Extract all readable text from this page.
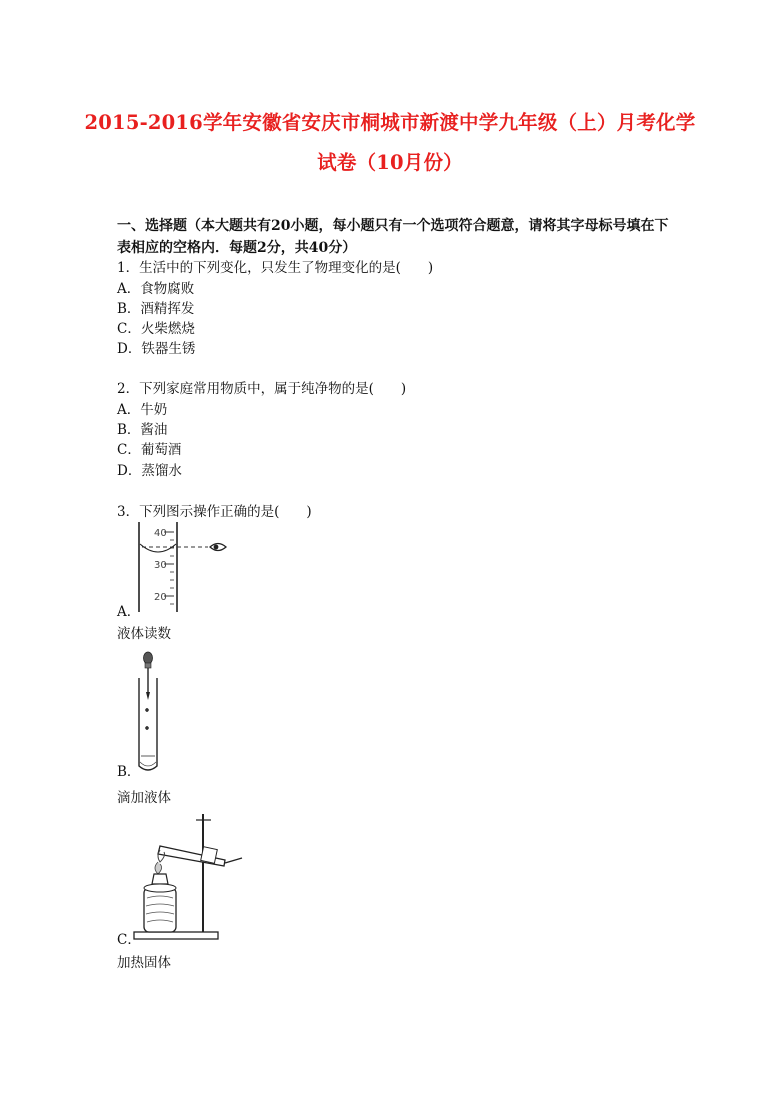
2015-2016学年安徽省安庆市桐城市新渡中学九年级（上）月考化学
试卷（10月份）
一、选择题（本大题共有20小题，每小题只有一个选项符合题意，请将其字母标号填在下表相应的空格内．每题2分，共40分）
1．生活中的下列变化，只发生了物理变化的是(　　)
A．食物腐败
B．酒精挥发
C．火柴燃烧
D．铁器生锈
2．下列家庭常用物质中，属于纯净物的是(　　)
A．牛奶
B．酱油
C．葡萄酒
D．蒸馏水
3．下列图示操作正确的是(　　)
40
30
20
A．
液体读数
B．
滴加液体
C．
加热固体
